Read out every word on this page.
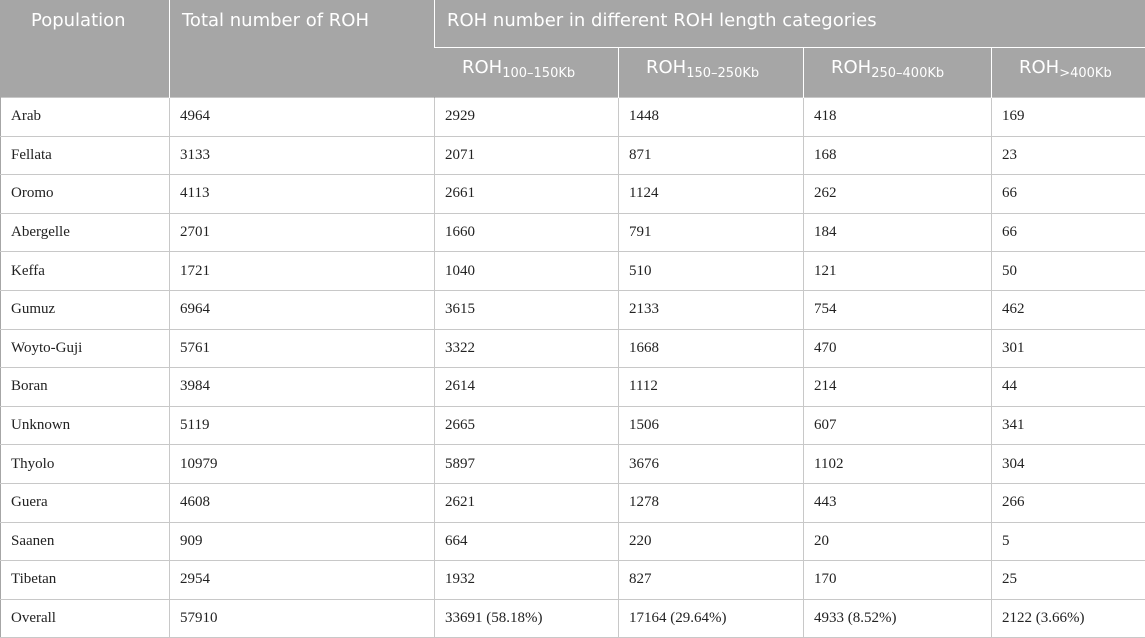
Population	Total number of ROH	ROH number in different ROH length categories			
		$ROH_{100-150Kb}$	$ROH_{150-250Kb}$	$ROH_{250-400Kb}$	$ROH_{>400Kb}$
Arab	4964	2929	1448	418	169
Fellata	3133	2071	871	168	23
Oromo	4113	2661	1124	262	66
Abergelle	2701	1660	791	184	66
Keffa	1721	1040	510	121	50
Gumuz	6964	3615	2133	754	462
Woyto-Guji	5761	3322	1668	470	301
Boran	3984	2614	1112	214	44
Unknown	5119	2665	1506	607	341
Thyolo	10979	5897	3676	1102	304
Guera	4608	2621	1278	443	266
Saanen	909	664	220	20	5
Tibetan	2954	1932	827	170	25
Overall	57910	33691 (58.18%)	17164 (29.64%)	4933 (8.52%)	2122 (3.66%)
